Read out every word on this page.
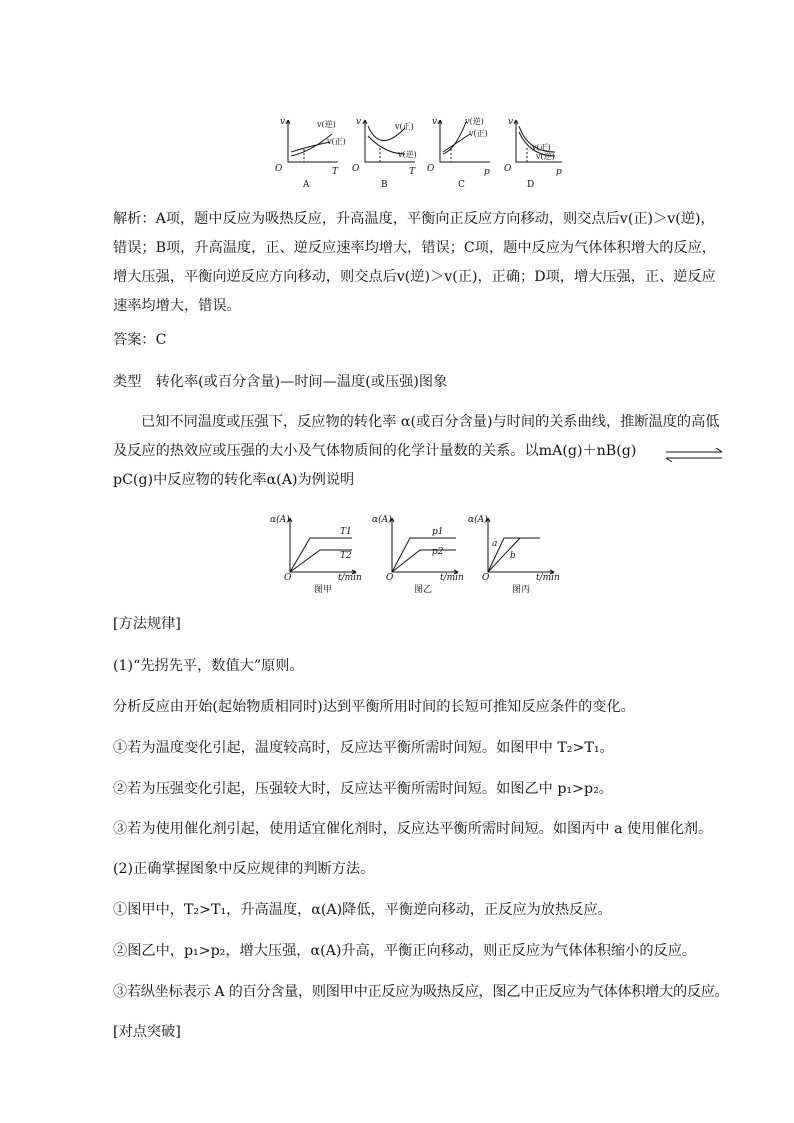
v
T
O
v(逆)
v(正)
v
T
O
v(正)
v(逆)
v
p
O
v(逆)
v(正)
v
p
O
v(正)
v(逆)
A	B	C	D
解析：A项，题中反应为吸热反应，升高温度，平衡向正反应方向移动，则交点后v(正)＞v(逆)，错误；B项，升高温度，正、逆反应速率均增大，错误；C项，题中反应为气体体积增大的反应，增大压强，平衡向逆反应方向移动，则交点后v(逆)＞v(正)，正确；D项，增大压强，正、逆反应速率均增大，错误。
答案：C
类型　转化率(或百分含量)—时间—温度(或压强)图象
已知不同温度或压强下，反应物的转化率 α(或百分含量)与时间的关系曲线，推断温度的高低及反应的热效应或压强的大小及气体物质间的化学计量数的关系。以mA(g)＋nB(g)pC(g)中反应物的转化率α(A)为例说明
α(A)
O	t/min
T1
T2
图甲
α(A)
O	t/min
p1
p2
图乙
α(A)
O	t/min
a
b
图丙
[方法规律]
(1)“先拐先平，数值大”原则。
分析反应由开始(起始物质相同时)达到平衡所用时间的长短可推知反应条件的变化。
①若为温度变化引起，温度较高时，反应达平衡所需时间短。如图甲中 T₂>T₁。
②若为压强变化引起，压强较大时，反应达平衡所需时间短。如图乙中 p₁>p₂。
③若为使用催化剂引起，使用适宜催化剂时，反应达平衡所需时间短。如图丙中 a 使用催化剂。
(2)正确掌握图象中反应规律的判断方法。
①图甲中，T₂>T₁，升高温度，α(A)降低，平衡逆向移动，正反应为放热反应。
②图乙中，p₁>p₂，增大压强，α(A)升高，平衡正向移动，则正反应为气体体积缩小的反应。
③若纵坐标表示 A 的百分含量，则图甲中正反应为吸热反应，图乙中正反应为气体体积增大的反应。
[对点突破]
